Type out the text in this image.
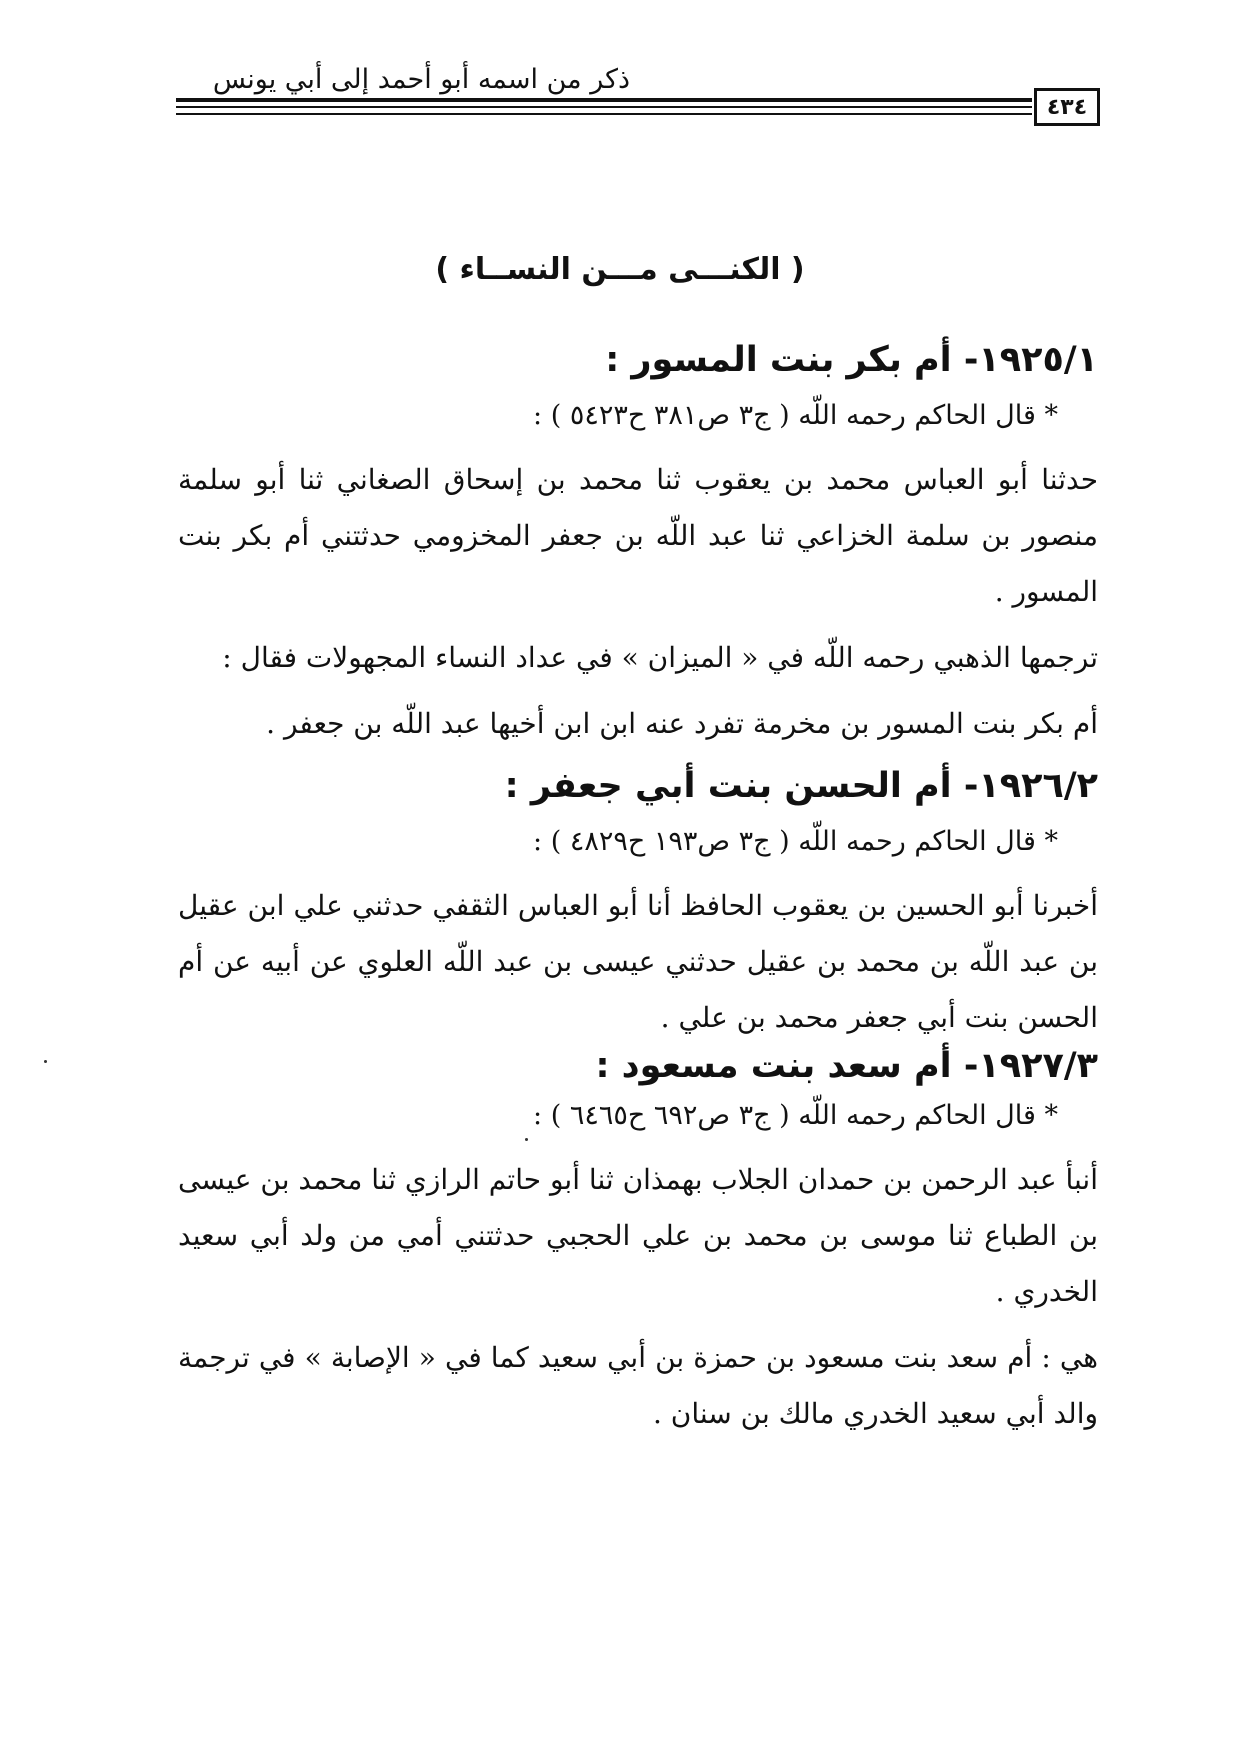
ذكر من اسمه أبو أحمد إلى أبي يونس
٤٣٤
( الكنـــى مـــن النســاء )
١٩٢٥/١- أم بكر بنت المسور :
* قال الحاكم رحمه اللّه ( ج٣ ص٣٨١ ح٥٤٢٣ ) :

حدثنا أبو العباس محمد بن يعقوب ثنا محمد بن إسحاق الصغاني ثنا أبو سلمة منصور بن سلمة الخزاعي ثنا عبد اللّه بن جعفر المخزومي حدثتني أم بكر بنت المسور .

ترجمها الذهبي رحمه اللّه في « الميزان » في عداد النساء المجهولات فقال :

أم بكر بنت المسور بن مخرمة تفرد عنه ابن ابن أخيها عبد اللّه بن جعفر .

١٩٢٦/٢- أم الحسن بنت أبي جعفر :
* قال الحاكم رحمه اللّه ( ج٣ ص١٩٣ ح٤٨٢٩ ) :

أخبرنا أبو الحسين بن يعقوب الحافظ أنا أبو العباس الثقفي حدثني علي ابن عقيل بن عبد اللّه بن محمد بن عقيل حدثني عيسى بن عبد اللّه العلوي عن أبيه عن أم الحسن بنت أبي جعفر محمد بن علي .

١٩٢٧/٣- أم سعد بنت مسعود :
* قال الحاكم رحمه اللّه ( ج٣ ص٦٩٢ ح٦٤٦٥ ) :

أنبأ عبد الرحمن بن حمدان الجلاب بهمذان ثنا أبو حاتم الرازي ثنا محمد بن عيسى بن الطباع ثنا موسى بن محمد بن علي الحجبي حدثتني أمي من ولد أبي سعيد الخدري .

هي : أم سعد بنت مسعود بن حمزة بن أبي سعيد كما في « الإصابة » في ترجمة والد أبي سعيد الخدري مالك بن سنان .
